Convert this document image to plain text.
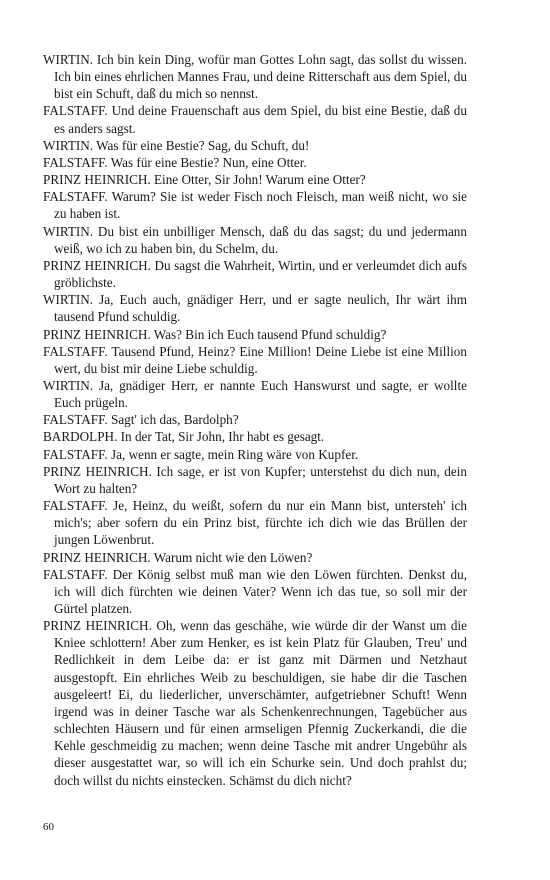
WIRTIN. Ich bin kein Ding, wofür man Gottes Lohn sagt, das sollst du wissen. Ich bin eines ehrlichen Mannes Frau, und deine Ritterschaft aus dem Spiel, du bist ein Schuft, daß du mich so nennst.

FALSTAFF. Und deine Frauenschaft aus dem Spiel, du bist eine Bestie, daß du es anders sagst.

WIRTIN. Was für eine Bestie? Sag, du Schuft, du!

FALSTAFF. Was für eine Bestie? Nun, eine Otter.

PRINZ HEINRICH. Eine Otter, Sir John! Warum eine Otter?

FALSTAFF. Warum? Sie ist weder Fisch noch Fleisch, man weiß nicht, wo sie zu haben ist.

WIRTIN. Du bist ein unbilliger Mensch, daß du das sagst; du und jedermann weiß, wo ich zu haben bin, du Schelm, du.

PRINZ HEINRICH. Du sagst die Wahrheit, Wirtin, und er verleumdet dich aufs gröblichste.

WIRTIN. Ja, Euch auch, gnädiger Herr, und er sagte neulich, Ihr wärt ihm tausend Pfund schuldig.

PRINZ HEINRICH. Was? Bin ich Euch tausend Pfund schuldig?

FALSTAFF. Tausend Pfund, Heinz? Eine Million! Deine Liebe ist eine Million wert, du bist mir deine Liebe schuldig.

WIRTIN. Ja, gnädiger Herr, er nannte Euch Hanswurst und sagte, er wollte Euch prügeln.

FALSTAFF. Sagt' ich das, Bardolph?

BARDOLPH. In der Tat, Sir John, Ihr habt es gesagt.

FALSTAFF. Ja, wenn er sagte, mein Ring wäre von Kupfer.

PRINZ HEINRICH. Ich sage, er ist von Kupfer; unterstehst du dich nun, dein Wort zu halten?

FALSTAFF. Je, Heinz, du weißt, sofern du nur ein Mann bist, untersteh' ich mich's; aber sofern du ein Prinz bist, fürchte ich dich wie das Brüllen der jungen Löwenbrut.

PRINZ HEINRICH. Warum nicht wie den Löwen?

FALSTAFF. Der König selbst muß man wie den Löwen fürchten. Denkst du, ich will dich fürchten wie deinen Vater? Wenn ich das tue, so soll mir der Gürtel platzen.

PRINZ HEINRICH. Oh, wenn das geschähe, wie würde dir der Wanst um die Kniee schlottern! Aber zum Henker, es ist kein Platz für Glauben, Treu' und Redlichkeit in dem Leibe da: er ist ganz mit Därmen und Netzhaut ausgestopft. Ein ehrliches Weib zu beschuldigen, sie habe dir die Taschen ausgeleert! Ei, du liederlicher, unverschämter, aufgetriebner Schuft! Wenn irgend was in deiner Tasche war als Schenkenrechnungen, Tagebücher aus schlechten Häusern und für einen armseligen Pfennig Zuckerkandi, die die Kehle geschmeidig zu machen; wenn deine Tasche mit andrer Ungebühr als dieser ausgestattet war, so will ich ein Schurke sein. Und doch prahlst du; doch willst du nichts einstecken. Schämst du dich nicht?

60
